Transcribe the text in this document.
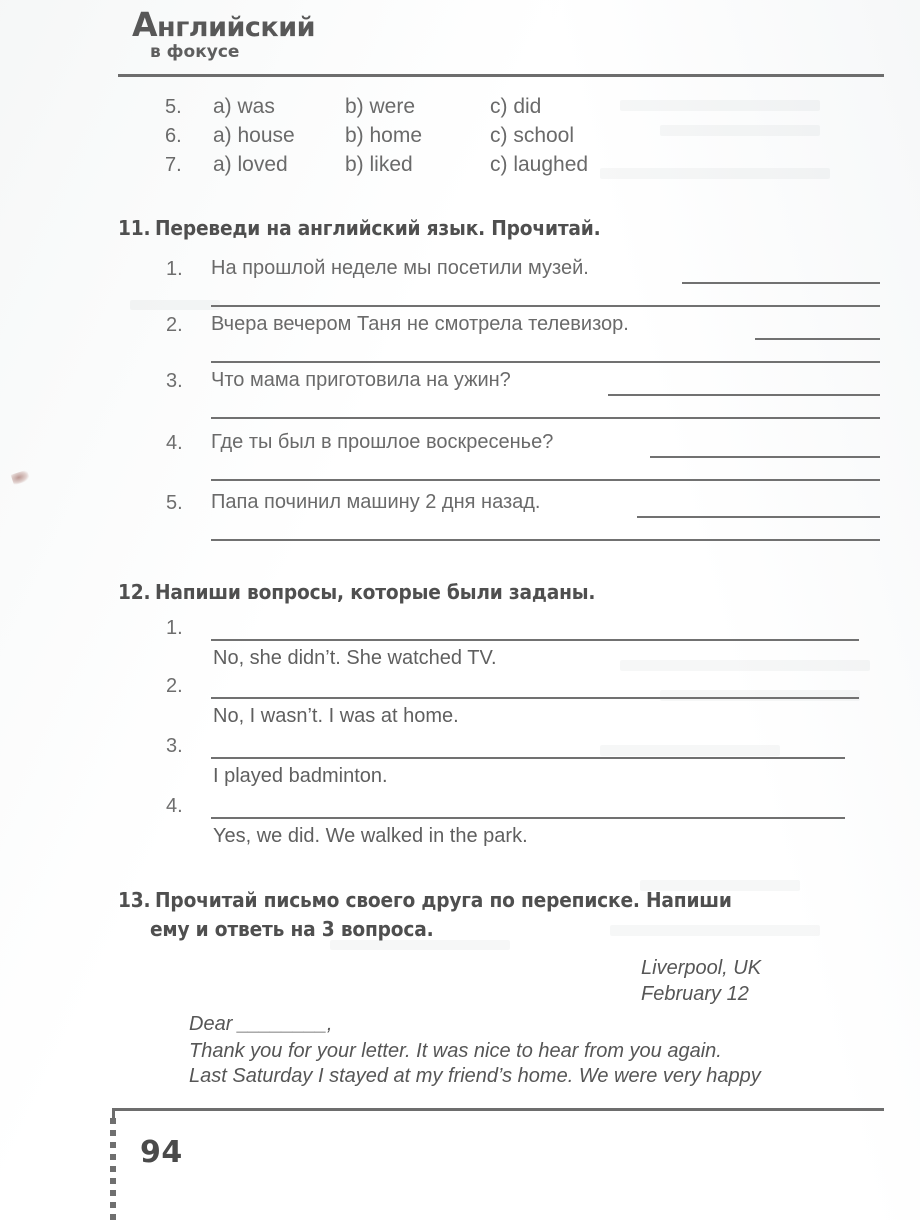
Английский
в фокусе
5. a) was	b) were	c) did
6. a) house b) home	c) school
7. a) loved	b) liked	c) laughed
11. Переведи на английский язык. Прочитай.
1. На прошлой неделе мы посетили музей.
2. Вчера вечером Таня не смотрела телевизор.
3. Что мама приготовила на ужин?
4. Где ты был в прошлое воскресенье?
5. Папа починил машину 2 дня назад.
12. Напиши вопросы, которые были заданы.
1.
No, she didn’t. She watched TV.
2.
No, I wasn’t. I was at home.
3.
I played badminton.
4.
Yes, we did. We walked in the park.
13. Прочитай письмо своего друга по переписке. Напиши
ему и ответь на 3 вопроса.
Liverpool, UK
February 12
Dear ________,
Thank you for your letter. It was nice to hear from you again.
Last Saturday I stayed at my friend’s home. We were very happy
94
